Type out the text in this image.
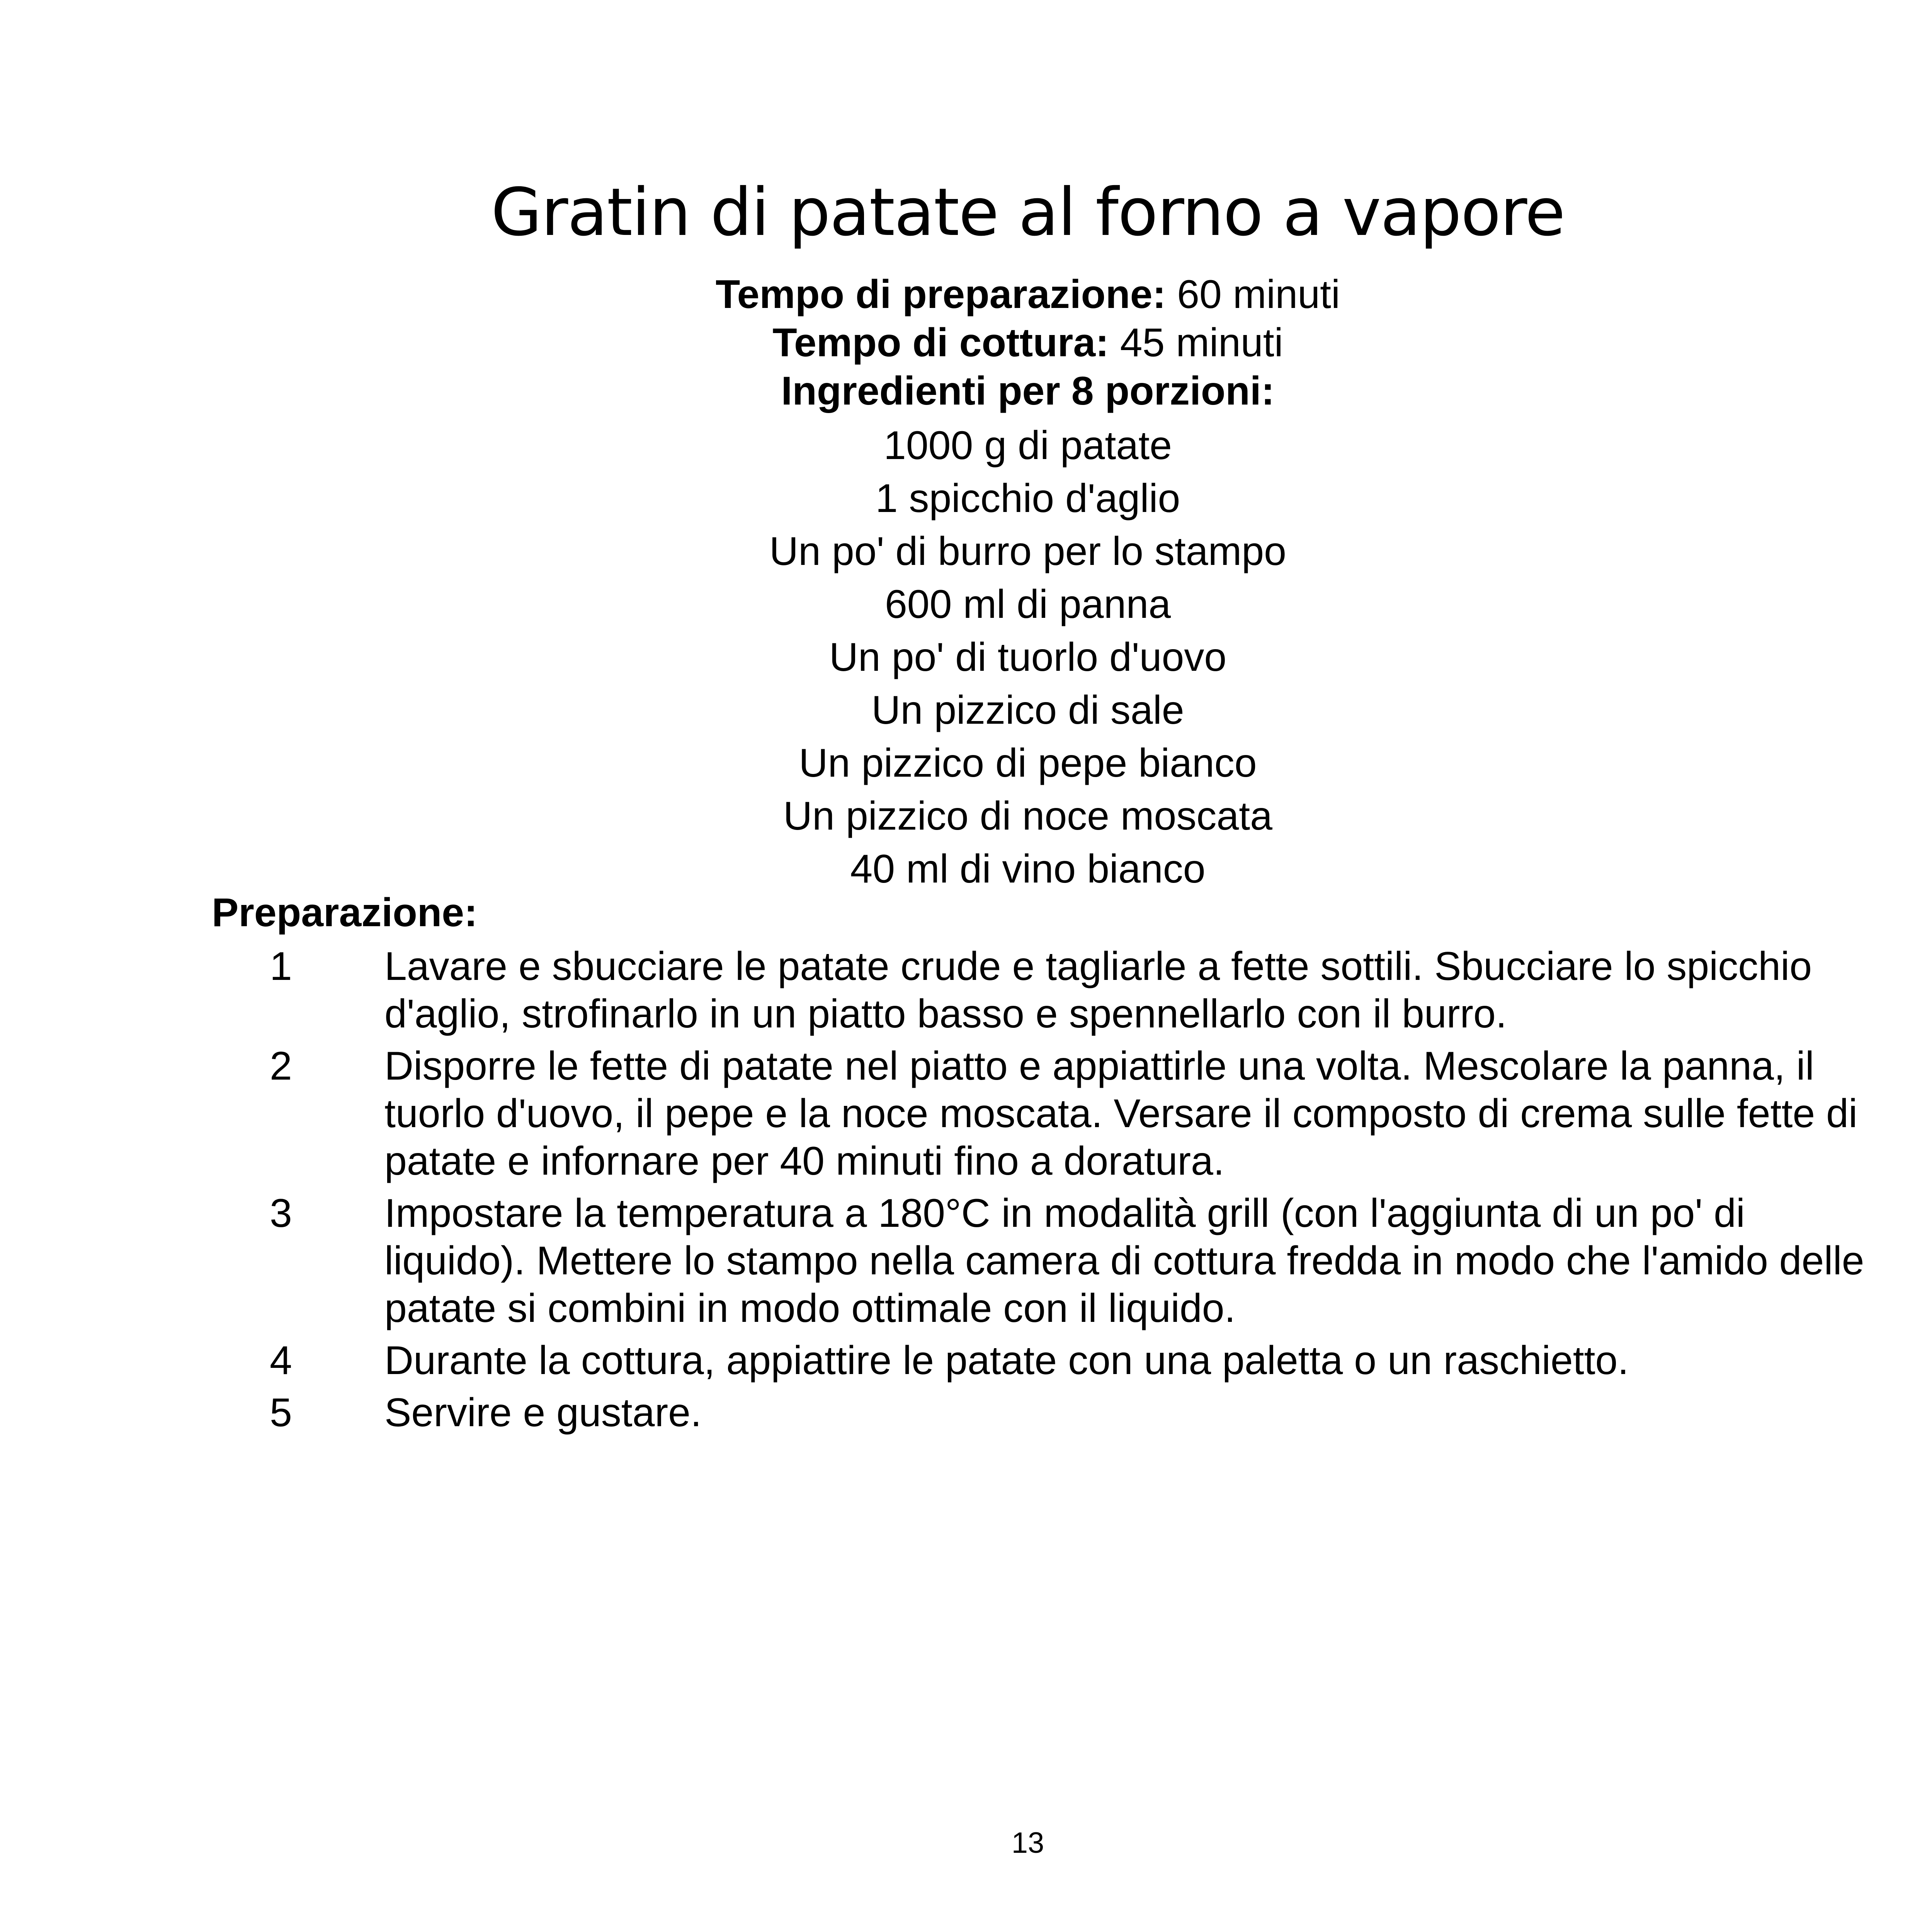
Gratin di patate al forno a vapore
Tempo di preparazione: 60 minuti
Tempo di cottura: 45 minuti
Ingredienti per 8 porzioni:
1000 g di patate
1 spicchio d'aglio
Un po' di burro per lo stampo
600 ml di panna
Un po' di tuorlo d'uovo
Un pizzico di sale
Un pizzico di pepe bianco
Un pizzico di noce moscata
40 ml di vino bianco
Preparazione:
1 Lavare e sbucciare le patate crude e tagliarle a fette sottili. Sbucciare lo spicchio d'aglio, strofinarlo in un piatto basso e spennellarlo con il burro.
2 Disporre le fette di patate nel piatto e appiattirle una volta. Mescolare la panna, il tuorlo d'uovo, il pepe e la noce moscata. Versare il composto di crema sulle fette di patate e infornare per 40 minuti fino a doratura.
3 Impostare la temperatura a 180°C in modalità grill (con l'aggiunta di un po' di liquido). Mettere lo stampo nella camera di cottura fredda in modo che l'amido delle patate si combini in modo ottimale con il liquido.
4 Durante la cottura, appiattire le patate con una paletta o un raschietto.
5 Servire e gustare.
13
